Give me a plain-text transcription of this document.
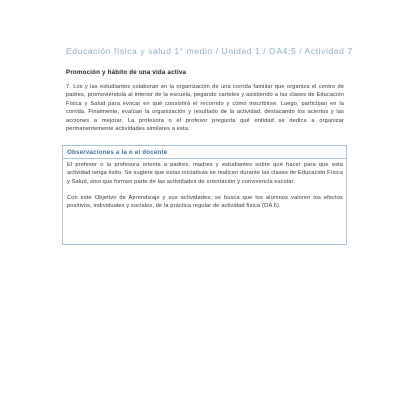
Educación física y salud 1° medio / Unidad 1 / OA4;5 / Actividad 7
Promoción y hábito de una vida activa
7. Los y las estudiantes colaboran en la organización de una corrida familiar que organiza el centro de padres, promoviéndola al interior de la escuela, pegando carteles y asistiendo a las clases de Educación Física y Salud para evocar en qué consistirá el recorrido y cómo inscribirse. Luego, participan en la corrida. Finalmente, evalúan la organización y resultado de la actividad, destacando los aciertos y las acciones a mejorar. La profesora o el profesor pregunta qué entidad se dedica a organizar permanentemente actividades similares a esta.
Observaciones a la o el docente
El profesor o la profesora orienta a padres, madres y estudiantes sobre qué hacer para que esta actividad tenga éxito. Se sugiere que estas iniciativas se realicen durante las clases de Educación Física y Salud, sino que formen parte de las actividades de orientación y convivencia escolar.
Con este Objetivo de Aprendizaje y sus actividades, se busca que los alumnos valoren los efectos positivos, individuales y sociales, de la práctica regular de actividad física (OA 6).
